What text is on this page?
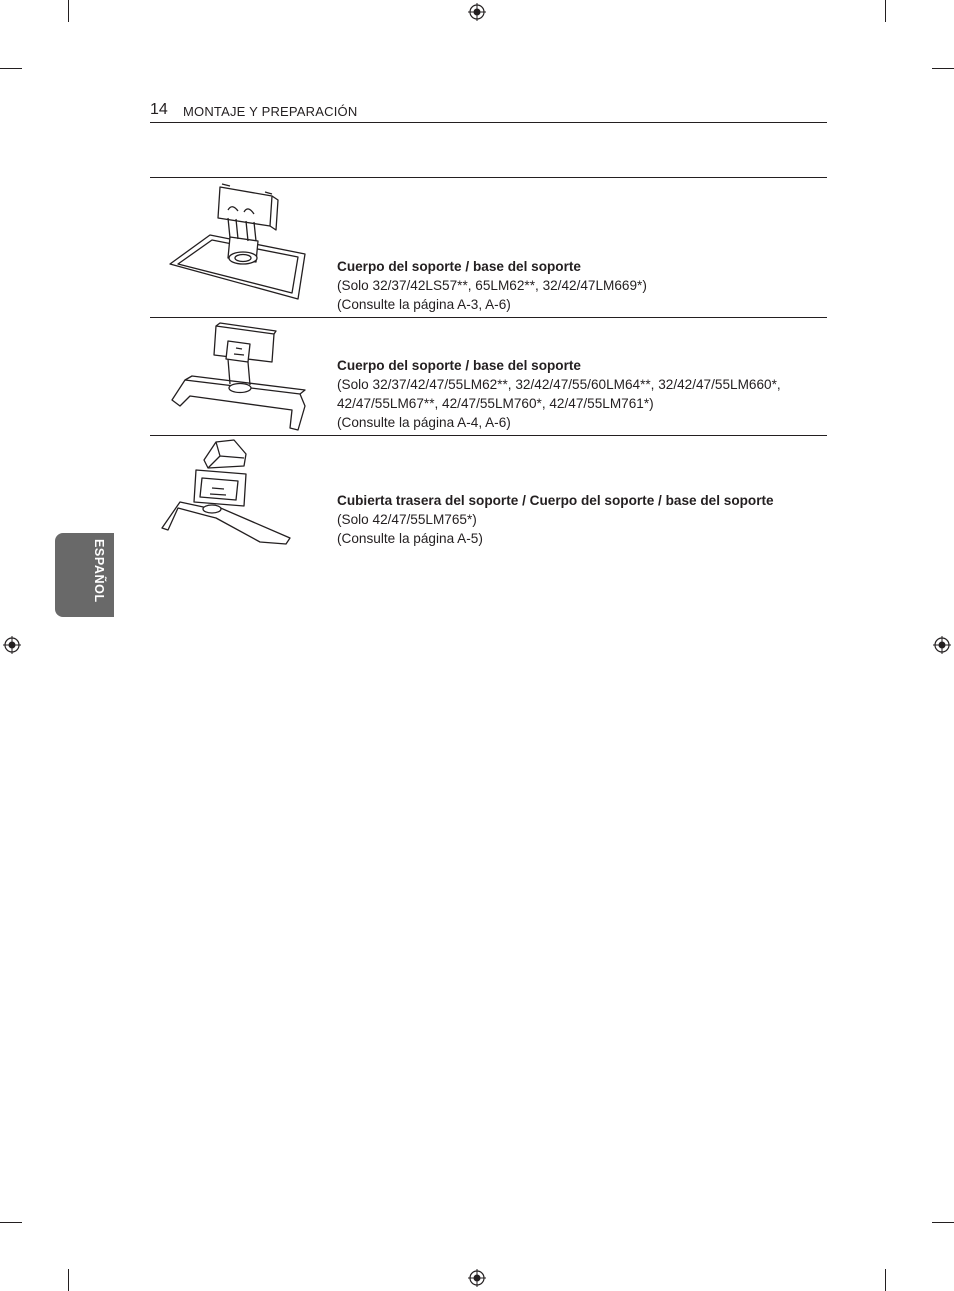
14 MONTAJE Y PREPARACIÓN
Cuerpo del soporte / base del soporte
(Solo 32/37/42LS57**, 65LM62**, 32/42/47LM669*)
(Consulte la página A-3, A-6)
Cuerpo del soporte / base del soporte
(Solo 32/37/42/47/55LM62**, 32/42/47/55/60LM64**, 32/42/47/55LM660*,
42/47/55LM67**, 42/47/55LM760*, 42/47/55LM761*)
(Consulte la página A-4, A-6)
Cubierta trasera del soporte / Cuerpo del soporte / base del soporte
(Solo 42/47/55LM765*)
(Consulte la página A-5)
ESPAÑOL
